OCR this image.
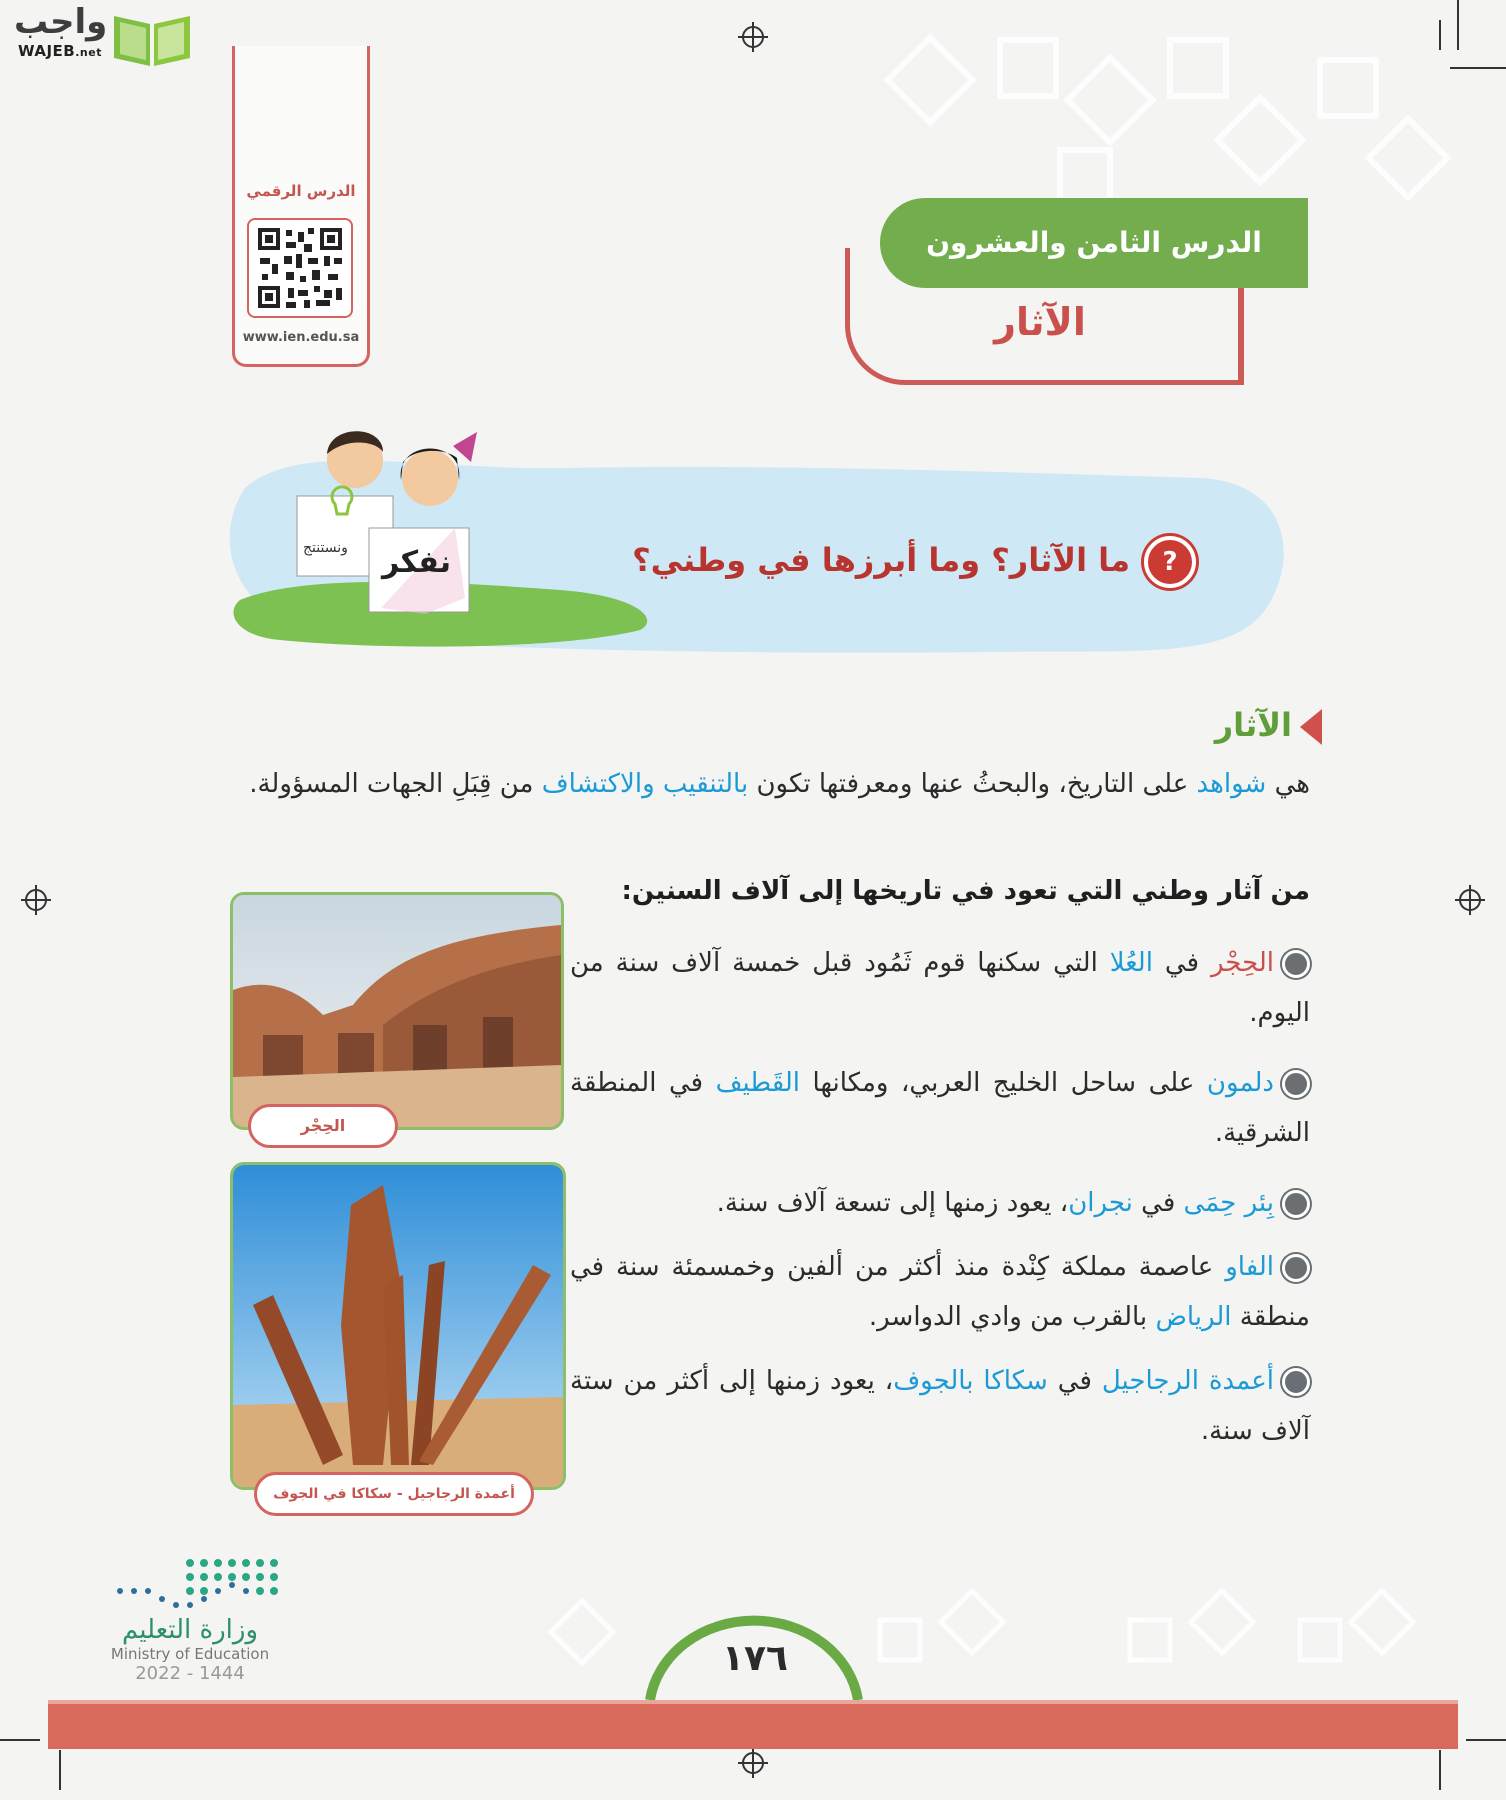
واجب
WAJEB.net
الدرس الرقمي
www.ien.edu.sa
الدرس الثامن والعشرون
الآثار
ونستنتج نفكر	?ما الآثار؟ وما أبرزها في وطني؟
الآثار
هي شواهد على التاريخ، والبحثُ عنها ومعرفتها تكون بالتنقيب والاكتشاف من قِبَلِ الجهات المسؤولة.
من آثار وطني التي تعود في تاريخها إلى آلاف السنين:
الحِجْر في العُلا التي سكنها قوم ثَمُود قبل خمسة آلاف سنة من اليوم.
دلمون على ساحل الخليج العربي، ومكانها القَطيف في المنطقة الشرقية.
بِئر حِمَى في نجران، يعود زمنها إلى تسعة آلاف سنة.
الفاو عاصمة مملكة كِنْدة منذ أكثر من ألفين وخمسمئة سنة في منطقة الرياض بالقرب من وادي الدواسر.
أعمدة الرجاجيل في سكاكا بالجوف، يعود زمنها إلى أكثر من ستة آلاف سنة.
الحِجْر
أعمدة الرجاجيل - سكاكا في الجوف
وزارة التعليم
Ministry of Education
2022 - 1444	١٧٦
